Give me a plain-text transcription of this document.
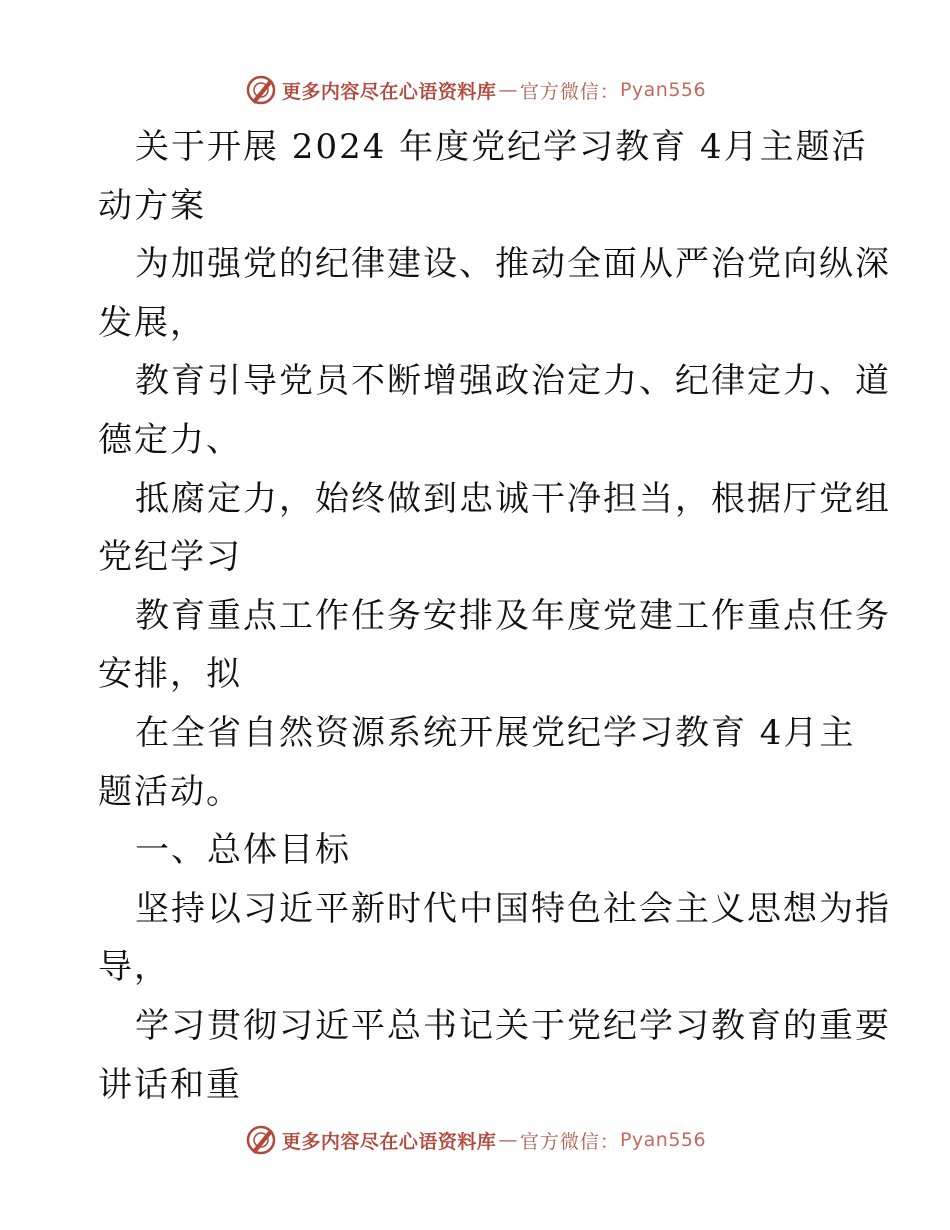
更多内容尽在心语资料库 — 官方微信： Pyan556
关于开展 2024 年度党纪学习教育 4月主题活
动方案
为加强党的纪律建设、推动全面从严治党向纵深
发展，
教育引导党员不断增强政治定力、纪律定力、道
德定力、
抵腐定力，始终做到忠诚干净担当，根据厅党组
党纪学习
教育重点工作任务安排及年度党建工作重点任务
安排，拟
在全省自然资源系统开展党纪学习教育 4月主
题活动。
一、总体目标
坚持以习近平新时代中国特色社会主义思想为指
导，
学习贯彻习近平总书记关于党纪学习教育的重要
讲话和重
更多内容尽在心语资料库 — 官方微信： Pyan556
